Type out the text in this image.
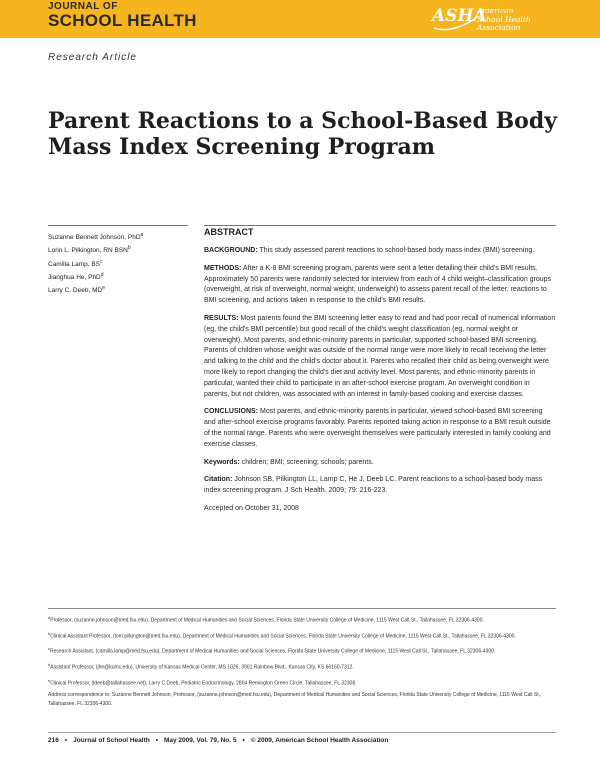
JOURNAL OF
SCHOOL HEALTH	ASHA
American
School Health
Association
Research Article
Parent Reactions to a School-Based Body
Mass Index Screening Program
Suzanne Bennett Johnson, PhD$^a$
Lorin L. Pilkington, RN BSN$^b$
Camilla Lamp, $BS^c$
Jianghua He, PhD$^d$
Larry C. Deeb, MDe
ABSTRACT

BACKGROUND: This study assessed parent reactions to school-based body mass index (BMI) screening.

METHODS: After a K-8 BMI screening program, parents were sent a letter detailing their child's BMI results. Approximately 50 parents were randomly selected for interview from each of 4 child weight–classification groups (overweight, at risk of overweight, normal weight, underweight) to assess parent recall of the letter, reactions to BMI screening, and actions taken in response to the child's BMI results.

RESULTS: Most parents found the BMI screening letter easy to read and had poor recall of numerical information (eg, the child's BMI percentile) but good recall of the child's weight classification (eg, normal weight or overweight). Most parents, and ethnic-minority parents in particular, supported school-based BMI screening. Parents of children whose weight was outside of the normal range were more likely to recall receiving the letter and talking to the child and the child's doctor about it. Parents who recalled their child as being overweight were more likely to report changing the child's diet and activity level. Most parents, and ethnic-minority parents in particular, wanted their child to participate in an after-school exercise program. An overweight condition in parents, but not children, was associated with an interest in family-based cooking and exercise classes.

CONCLUSIONS: Most parents, and ethnic-minority parents in particular, viewed school-based BMI screening and after-school exercise programs favorably. Parents reported taking action in response to a BMI result outside of the normal range. Parents who were overweight themselves were particularly interested in family cooking and exercise classes.

Keywords: children; BMI; screening; schools; parents.

Citation: Johnson SB, Pilkington LL, Lamp C, He J, Deeb LC. Parent reactions to a school-based body mass index screening program. J Sch Health. 2009; 79: 216-223.

Accepted on October 31, 2008

$^a$Professor, (suzanne.johnson@med.fsu.edu), Department of Medical Humanities and Social Sciences, Florida State University College of Medicine, 1115 West Call St., Tallahassee, FL 32306-4300.

$^b$Clinical Assistant Professor, (lorri.pilkington@med.fsu.edu), Department of Medical Humanities and Social Sciences, Florida State University College of Medicine, 1115 West Call St., Tallahassee, FL 32306-4300.

$^c$Research Assistant, (camilla.lamp@med.fsu.edu), Department of Medical Humanities and Social Sciences, Florida State University College of Medicine, 1115 West Call St., Tallahassee, FL 32306-4300.

$^d$Assistant Professor, (jhe@kumc.edu), University of Kansas Medical Center, MS 1026, 3901 Rainbow Blvd., Kansas City, KS 66160-7312.

$^e$Clinical Professor, (ldeeb@tallahassee.net), Larry C Deeb, Pediatric Endocrinology, 2804 Remington Green Circle, Tallahassee, FL 32308.

Address correspondence to: Suzanne Bennett Johnson, Professor, (suzanne.johnson@med.fsu.edu), Department of Medical Humanities and Social Sciences, Florida State University College of Medicine, 1115 West Call St., Tallahassee, FL 32306-4300.

216 • Journal of School Health • May 2009, Vol. 79, No. 5 • © 2009, American School Health Association
